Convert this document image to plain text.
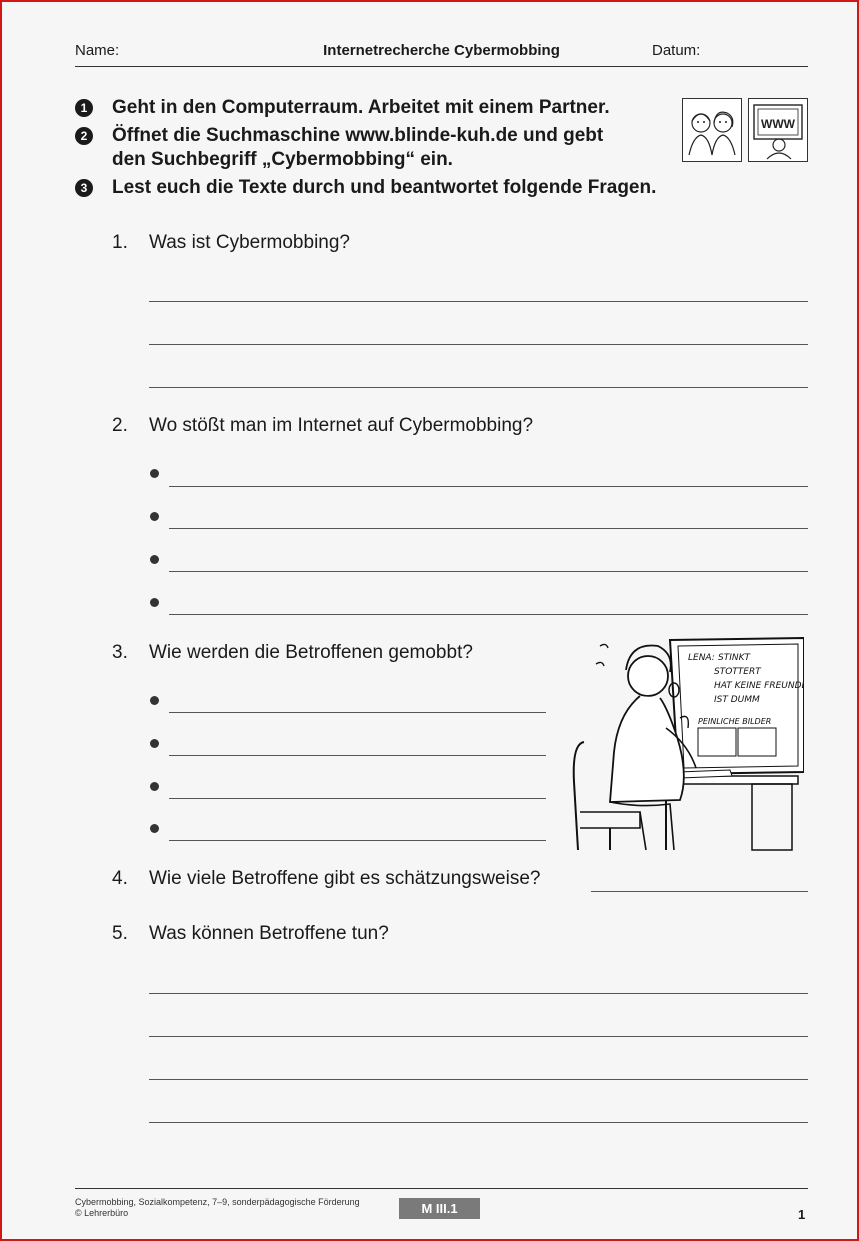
Name:	Internetrecherche Cybermobbing	Datum:
1 Geht in den Computerraum. Arbeitet mit einem Partner.
2 Öffnet die Suchmaschine www.blinde-kuh.de und gebt
den Suchbegriff „Cybermobbing“ ein.
3 Lest euch die Texte durch und beantwortet folgende Fragen.
WWW
1. Was ist Cybermobbing?
2. Wo stößt man im Internet auf Cybermobbing?
3. Wie werden die Betroffenen gemobbt?	LENA: STINKT
STOTTERT
HAT KEINE FREUNDE
IST DUMM
PEINLICHE BILDER
4. Wie viele Betroffene gibt es schätzungsweise?
5. Was können Betroffene tun?
Cybermobbing, Sozialkompetenz, 7–9, sonderpädagogische Förderung
© Lehrerbüro	M III.1	1
